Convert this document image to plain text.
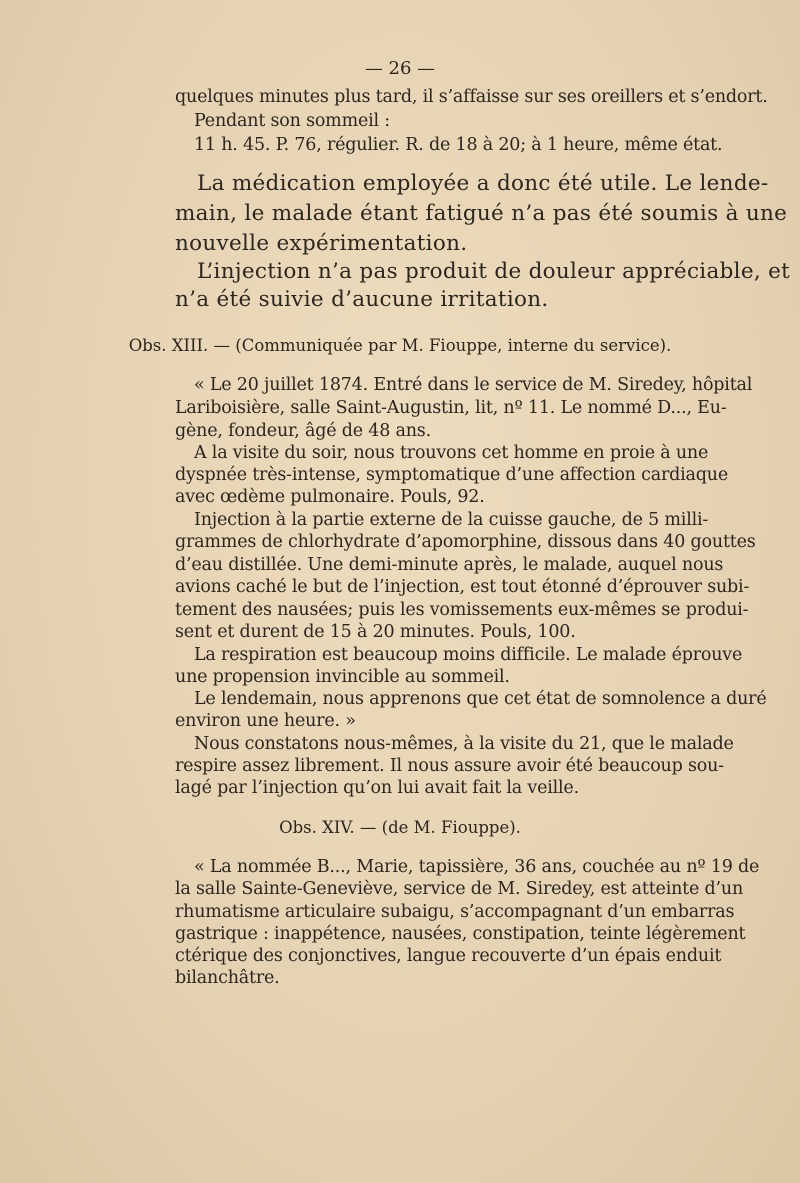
— 26 —
quelques minutes plus tard, il s’affaisse sur ses oreillers et s’endort.
Pendant son sommeil :
11 h. 45. P. 76, régulier. R. de 18 à 20; à 1 heure, même état.
La médication employée a donc été utile. Le lende-
main, le malade étant fatigué n’a pas été soumis à une
nouvelle expérimentation.
L’injection n’a pas produit de douleur appréciable, et
n’a été suivie d’aucune irritation.
Obs. XIII. — (Communiquée par M. Fiouppe, interne du service).
« Le 20 juillet 1874. Entré dans le service de M. Siredey, hôpital
Lariboisière, salle Saint-Augustin, lit, nº 11. Le nommé D..., Eu-
gène, fondeur, âgé de 48 ans.
A la visite du soir, nous trouvons cet homme en proie à une
dyspnée très-intense, symptomatique d’une affection cardiaque
avec œdème pulmonaire. Pouls, 92.
Injection à la partie externe de la cuisse gauche, de 5 milli-
grammes de chlorhydrate d’apomorphine, dissous dans 40 gouttes
d’eau distillée. Une demi-minute après, le malade, auquel nous
avions caché le but de l’injection, est tout étonné d’éprouver subi-
tement des nausées; puis les vomissements eux-mêmes se produi-
sent et durent de 15 à 20 minutes. Pouls, 100.
La respiration est beaucoup moins difficile. Le malade éprouve
une propension invincible au sommeil.
Le lendemain, nous apprenons que cet état de somnolence a duré
environ une heure. »
Nous constatons nous-mêmes, à la visite du 21, que le malade
respire assez librement. Il nous assure avoir été beaucoup sou-
lagé par l’injection qu’on lui avait fait la veille.
Obs. XIV. — (de M. Fiouppe).
« La nommée B..., Marie, tapissière, 36 ans, couchée au nº 19 de
la salle Sainte-Geneviève, service de M. Siredey, est atteinte d’un
rhumatisme articulaire subaigu, s’accompagnant d’un embarras
gastrique : inappétence, nausées, constipation, teinte légèrement
ctérique des conjonctives, langue recouverte d’un épais enduit
bilanchâtre.
